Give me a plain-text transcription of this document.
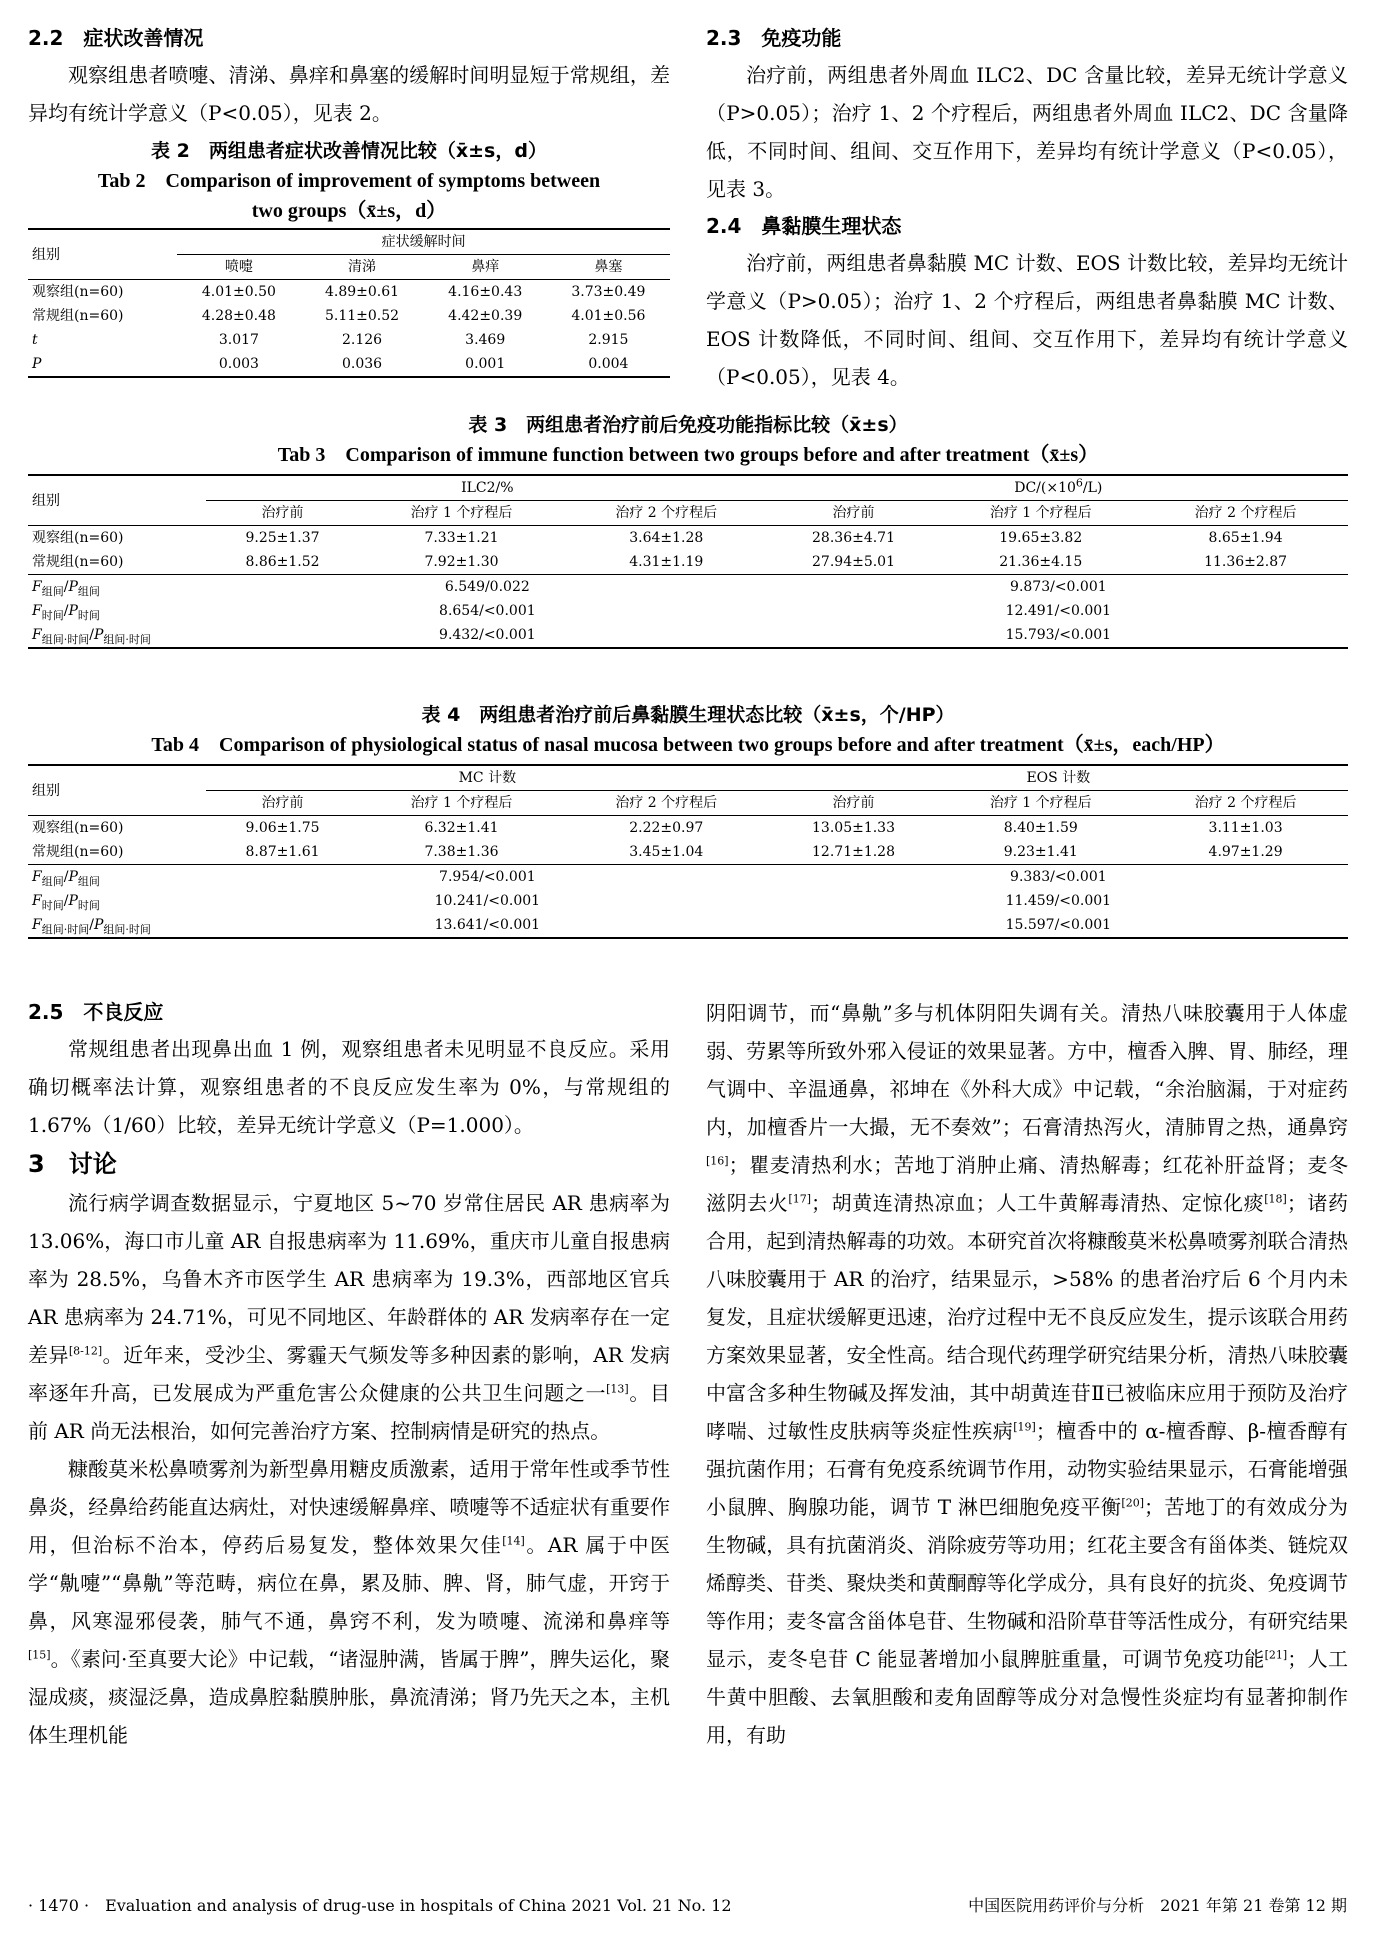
2.2　症状改善情况

观察组患者喷嚏、清涕、鼻痒和鼻塞的缓解时间明显短于常规组，差异均有统计学意义（P<0.05），见表 2。

表 2　两组患者症状改善情况比较（x̄±s，d）
Tab 2　Comparison of improvement of symptoms between
two groups（x̄±s，d）
组别	症状缓解时间			
	喷嚏	清涕	鼻痒	鼻塞
观察组(n=60)	4.01±0.50	4.89±0.61	4.16±0.43	3.73±0.49
常规组(n=60)	4.28±0.48	5.11±0.52	4.42±0.39	4.01±0.56
t	3.017	2.126	3.469	2.915
P	0.003	0.036	0.001	0.004
2.3　免疫功能

治疗前，两组患者外周血 ILC2、DC 含量比较，差异无统计学意义（P>0.05）；治疗 1、2 个疗程后，两组患者外周血 ILC2、DC 含量降低，不同时间、组间、交互作用下，差异均有统计学意义（P<0.05），见表 3。

2.4　鼻黏膜生理状态

治疗前，两组患者鼻黏膜 MC 计数、EOS 计数比较，差异均无统计学意义（P>0.05）；治疗 1、2 个疗程后，两组患者鼻黏膜 MC 计数、EOS 计数降低，不同时间、组间、交互作用下，差异均有统计学意义（P<0.05），见表 4。

表 3　两组患者治疗前后免疫功能指标比较（x̄±s）
Tab 3　Comparison of immune function between two groups before and after treatment（x̄±s）
组别	ILC2/%			$DC/(\times 10^6/L)$		
	治疗前	治疗 1 个疗程后	治疗 2 个疗程后	治疗前	治疗 1 个疗程后	治疗 2 个疗程后
观察组(n=60)	9.25±1.37	7.33±1.21	3.64±1.28	28.36±4.71	19.65±3.82	8.65±1.94
常规组(n=60)	8.86±1.52	7.92±1.30	4.31±1.19	27.94±5.01	21.36±4.15	11.36±2.87
$F_{组间}/P_{组间}$	6.549/0.022			9.873/<0.001		
$F_{时间}/P_{时间}$	8.654/<0.001			12.491/<0.001		
$F_{组间\cdot 时间}/P_{组间\cdot 时间}$	9.432/<0.001			15.793/<0.001		
表 4　两组患者治疗前后鼻黏膜生理状态比较（x̄±s，个/HP）
Tab 4　Comparison of physiological status of nasal mucosa between two groups before and after treatment（x̄±s，each/HP）
组别	MC 计数			EOS 计数		
	治疗前	治疗 1 个疗程后	治疗 2 个疗程后	治疗前	治疗 1 个疗程后	治疗 2 个疗程后
观察组(n=60)	9.06±1.75	6.32±1.41	2.22±0.97	13.05±1.33	8.40±1.59	3.11±1.03
常规组(n=60)	8.87±1.61	7.38±1.36	3.45±1.04	12.71±1.28	9.23±1.41	4.97±1.29
$F_{组间}/P_{组间}$	7.954/<0.001			9.383/<0.001		
$F_{时间}/P_{时间}$	10.241/<0.001			11.459/<0.001		
$F_{组间\cdot 时间}/P_{组间\cdot 时间}$	13.641/<0.001			15.597/<0.001		
2.5　不良反应

常规组患者出现鼻出血 1 例，观察组患者未见明显不良反应。采用确切概率法计算，观察组患者的不良反应发生率为 0%，与常规组的 1.67%（1/60）比较，差异无统计学意义（P=1.000）。

3　讨论

流行病学调查数据显示，宁夏地区 5~70 岁常住居民 AR 患病率为 13.06%，海口市儿童 AR 自报患病率为 11.69%，重庆市儿童自报患病率为 28.5%，乌鲁木齐市医学生 AR 患病率为 19.3%，西部地区官兵 AR 患病率为 24.71%，可见不同地区、年龄群体的 AR 发病率存在一定差异[8-12]。近年来，受沙尘、雾霾天气频发等多种因素的影响，AR 发病率逐年升高，已发展成为严重危害公众健康的公共卫生问题之一[13]。目前 AR 尚无法根治，如何完善治疗方案、控制病情是研究的热点。

糠酸莫米松鼻喷雾剂为新型鼻用糖皮质激素，适用于常年性或季节性鼻炎，经鼻给药能直达病灶，对快速缓解鼻痒、喷嚏等不适症状有重要作用，但治标不治本，停药后易复发，整体效果欠佳[14]。AR 属于中医学“鼽嚏”“鼻鼽”等范畴，病位在鼻，累及肺、脾、肾，肺气虚，开窍于鼻，风寒湿邪侵袭，肺气不通，鼻窍不利，发为喷嚏、流涕和鼻痒等[15]。《素问·至真要大论》中记载，“诸湿肿满，皆属于脾”，脾失运化，聚湿成痰，痰湿泛鼻，造成鼻腔黏膜肿胀，鼻流清涕；肾乃先天之本，主机体生理机能

阴阳调节，而“鼻鼽”多与机体阴阳失调有关。清热八味胶囊用于人体虚弱、劳累等所致外邪入侵证的效果显著。方中，檀香入脾、胃、肺经，理气调中、辛温通鼻，祁坤在《外科大成》中记载，“余治脑漏，于对症药内，加檀香片一大撮，无不奏效”；石膏清热泻火，清肺胃之热，通鼻窍[16]；瞿麦清热利水；苦地丁消肿止痛、清热解毒；红花补肝益肾；麦冬滋阴去火[17]；胡黄连清热凉血；人工牛黄解毒清热、定惊化痰[18]；诸药合用，起到清热解毒的功效。本研究首次将糠酸莫米松鼻喷雾剂联合清热八味胶囊用于 AR 的治疗，结果显示，>58% 的患者治疗后 6 个月内未复发，且症状缓解更迅速，治疗过程中无不良反应发生，提示该联合用药方案效果显著，安全性高。结合现代药理学研究结果分析，清热八味胶囊中富含多种生物碱及挥发油，其中胡黄连苷Ⅱ已被临床应用于预防及治疗哮喘、过敏性皮肤病等炎症性疾病[19]；檀香中的 α-檀香醇、β-檀香醇有强抗菌作用；石膏有免疫系统调节作用，动物实验结果显示，石膏能增强小鼠脾、胸腺功能，调节 T 淋巴细胞免疫平衡[20]；苦地丁的有效成分为生物碱，具有抗菌消炎、消除疲劳等功用；红花主要含有甾体类、链烷双烯醇类、苷类、聚炔类和黄酮醇等化学成分，具有良好的抗炎、免疫调节等作用；麦冬富含甾体皂苷、生物碱和沿阶草苷等活性成分，有研究结果显示，麦冬皂苷 C 能显著增加小鼠脾脏重量，可调节免疫功能[21]；人工牛黄中胆酸、去氧胆酸和麦角固醇等成分对急慢性炎症均有显著抑制作用，有助

· 1470 ·　Evaluation and analysis of drug-use in hospitals of China 2021 Vol. 21 No. 12	中国医院用药评价与分析　2021 年第 21 卷第 12 期
